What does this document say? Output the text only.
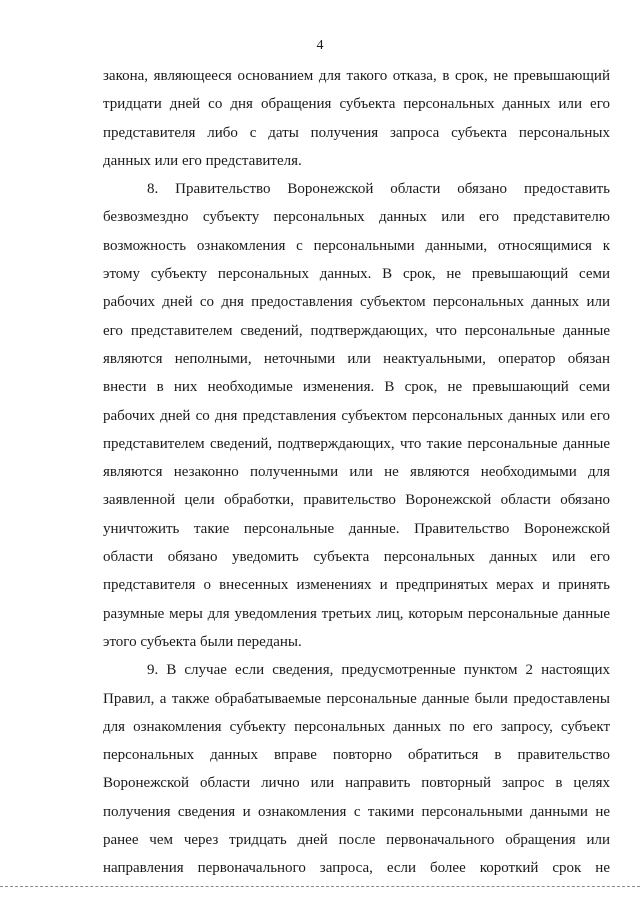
4
закона, являющееся основанием для такого отказа, в срок, не превышающий
тридцати дней со дня обращения субъекта персональных данных или его
представителя либо с даты получения запроса субъекта персональных
данных или его представителя.
8. Правительство Воронежской области обязано предоставить
безвозмездно субъекту персональных данных или его представителю
возможность ознакомления с персональными данными, относящимися к
этому субъекту персональных данных. В срок, не превышающий семи
рабочих дней со дня предоставления субъектом персональных данных или
его представителем сведений, подтверждающих, что персональные данные
являются неполными, неточными или неактуальными, оператор обязан
внести в них необходимые изменения. В срок, не превышающий семи
рабочих дней со дня представления субъектом персональных данных или его
представителем сведений, подтверждающих, что такие персональные данные
являются незаконно полученными или не являются необходимыми для
заявленной цели обработки, правительство Воронежской области обязано
уничтожить такие персональные данные. Правительство Воронежской
области обязано уведомить субъекта персональных данных или его
представителя о внесенных изменениях и предпринятых мерах и принять
разумные меры для уведомления третьих лиц, которым персональные данные
этого субъекта были переданы.
9. В случае если сведения, предусмотренные пунктом 2 настоящих
Правил, а также обрабатываемые персональные данные были предоставлены
для ознакомления субъекту персональных данных по его запросу, субъект
персональных данных вправе повторно обратиться в правительство
Воронежской области лично или направить повторный запрос в целях
получения сведения и ознакомления с такими персональными данными не
ранее чем через тридцать дней после первоначального обращения или
направления первоначального запроса, если более короткий срок не
